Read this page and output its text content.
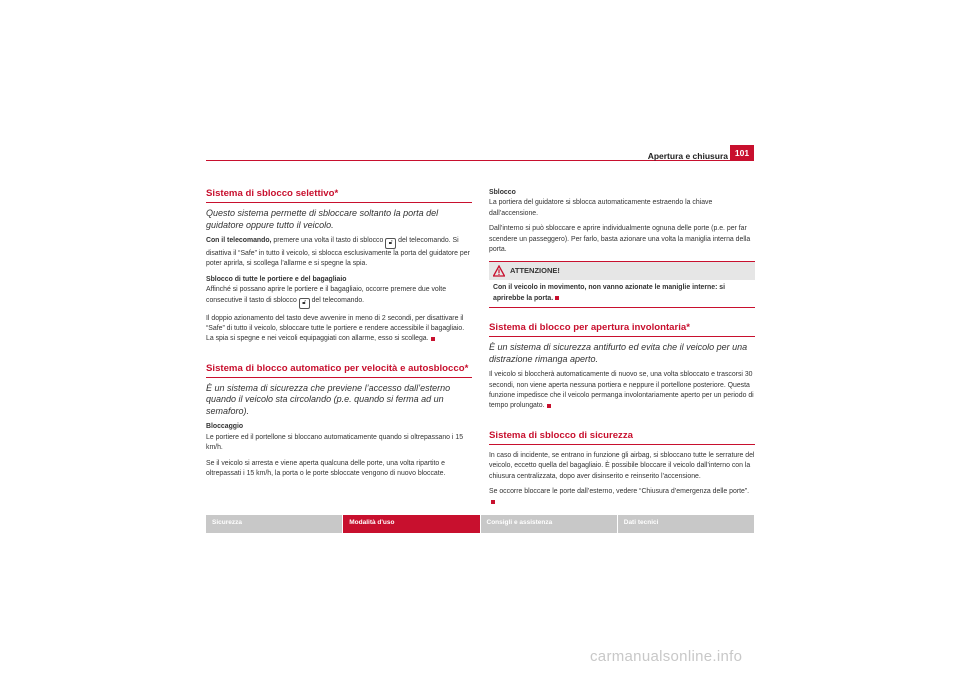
Apertura e chiusura 101
Sistema di sblocco selettivo*
Questo sistema permette di sbloccare soltanto la porta del guidatore oppure tutto il veicolo.

Con il telecomando, premere una volta il tasto di sblocco 🔓︎ del telecomando. Si disattiva il “Safe” in tutto il veicolo, si sblocca esclusivamente la porta del guidatore per poter aprirla, si scollega l’allarme e si spegne la spia.

Sblocco di tutte le portiere e del bagagliaio

Affinché si possano aprire le portiere e il bagagliaio, occorre premere due volte consecutive il tasto di sblocco 🔓︎ del telecomando.

Il doppio azionamento del tasto deve avvenire in meno di 2 secondi, per disattivare il “Safe” di tutto il veicolo, sbloccare tutte le portiere e rendere accessibile il bagagliaio. La spia si spegne e nei veicoli equipaggiati con allarme, esso si scollega.

Sistema di blocco automatico per velocità e autosblocco*
È un sistema di sicurezza che previene l’accesso dall’esterno quando il veicolo sta circolando (p.e. quando si ferma ad un semaforo).
Bloccaggio

Le portiere ed il portellone si bloccano automaticamente quando si oltrepassano i 15 km/h.

Se il veicolo si arresta e viene aperta qualcuna delle porte, una volta ripartito e oltrepassati i 15 km/h, la porta o le porte sbloccate vengono di nuovo bloccate.

Sblocco

La portiera del guidatore si sblocca automaticamente estraendo la chiave dall’accensione.

Dall’interno si può sbloccare e aprire individualmente ognuna delle porte (p.e. per far scendere un passeggero). Per farlo, basta azionare una volta la maniglia interna della porta.

ATTENZIONE!
Con il veicolo in movimento, non vanno azionate le maniglie interne: si aprirebbe la porta.
Sistema di blocco per apertura involontaria*
È un sistema di sicurezza antifurto ed evita che il veicolo per una distrazione rimanga aperto.

Il veicolo si bloccherà automaticamente di nuovo se, una volta sbloccato e trascorsi 30 secondi, non viene aperta nessuna portiera e neppure il portellone posteriore. Questa funzione impedisce che il veicolo permanga involontariamente aperto per un periodo di tempo prolungato.

Sistema di sblocco di sicurezza

In caso di incidente, se entrano in funzione gli airbag, si sbloccano tutte le serrature del veicolo, eccetto quella del bagagliaio. È possibile bloccare il veicolo dall’interno con la chiusura centralizzata, dopo aver disinserito e reinserito l’accensione.

Se occorre bloccare le porte dall’esterno, vedere “Chiusura d’emergenza delle porte”.

Sicurezza	Modalità d'uso	Consigli e assistenza	Dati tecnici
carmanualsonline.info
